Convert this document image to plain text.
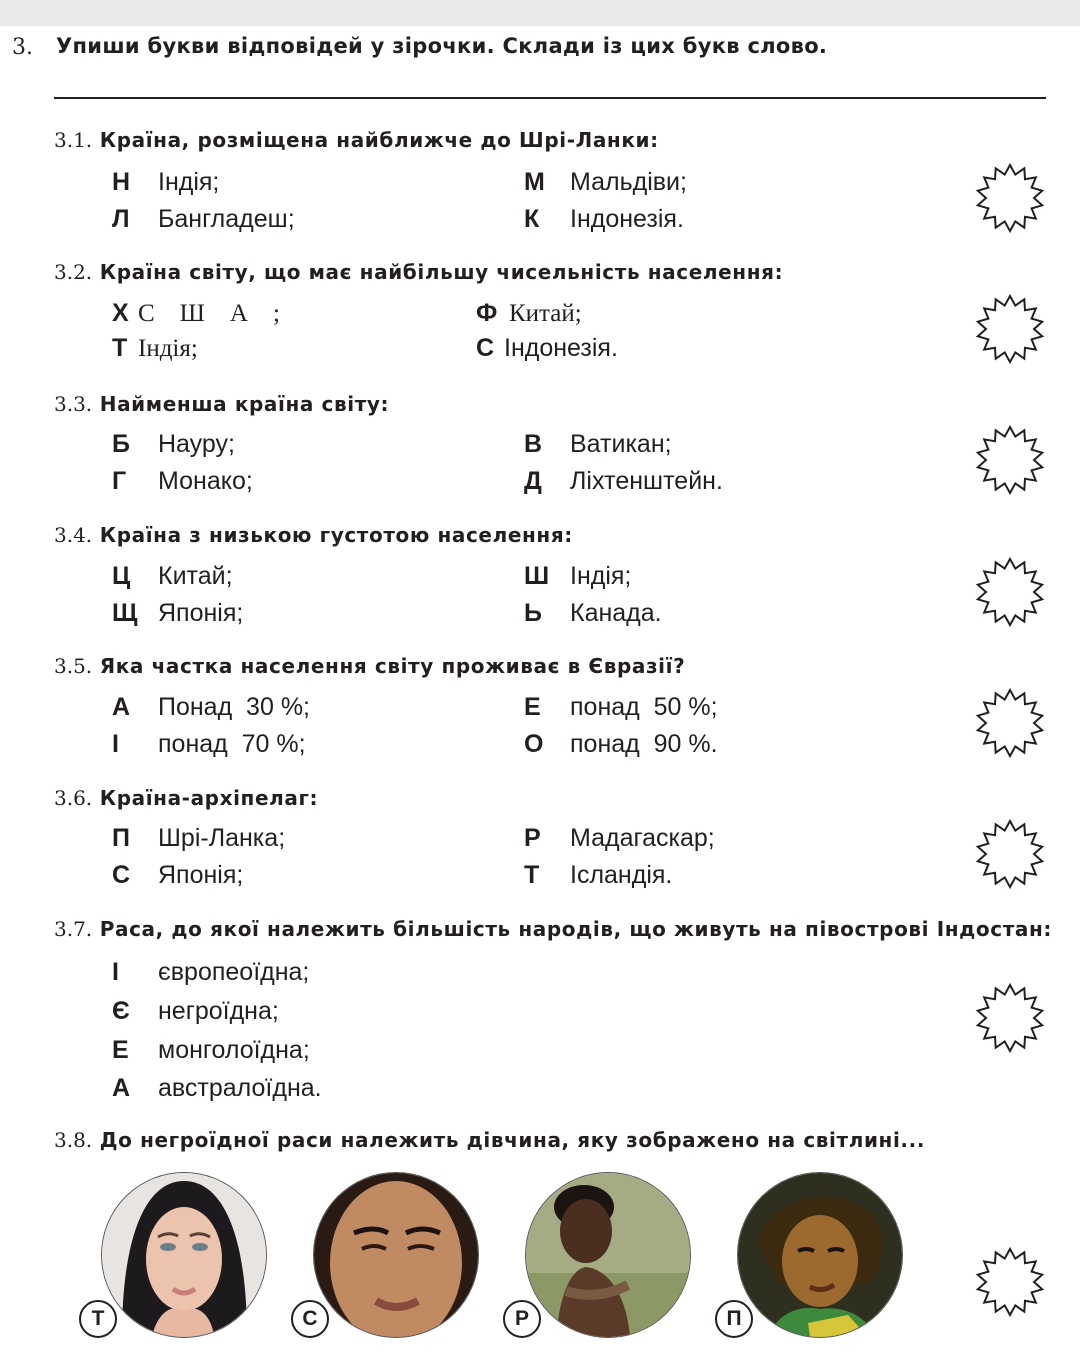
3. Упиши букви відповідей у зірочки. Склади із цих букв слово.
3.1. Країна, розміщена найближче до Шрі-Ланки:
Н Індія;	М Мальдіви;
Л Бангладеш;	К Індонезія.
3.2. Країна світу, що має найбільшу чисельність населення:
Х С    Ш    А    ;	Ф Китай;
Т Індія;	С Індонезія.
3.3. Найменша країна світу:
Б Науру;	В Ватикан;
Г Монако;	Д Ліхтенштейн.
3.4. Країна з низькою густотою населення:
Ц Китай;	Ш Індія;
Щ Японія;	Ь Канада.
3.5. Яка частка населення світу проживає в Євразії?
А Понад  30 %;	Е понад  50 %;
І понад  70 %;	О понад  90 %.
3.6. Країна-архіпелаг:
П Шрі-Ланка;	Р Мадагаскар;
С Японія;	Т Ісландія.
3.7. Раса, до якої належить більшість народів, що живуть на півострові Індостан:
І європеоїдна;
Є негроїдна;
Е монголоїдна;
А австралоїдна.
3.8. До негроїдної раси належить дівчина, яку зображено на світлині...
Т	С	Р	П
